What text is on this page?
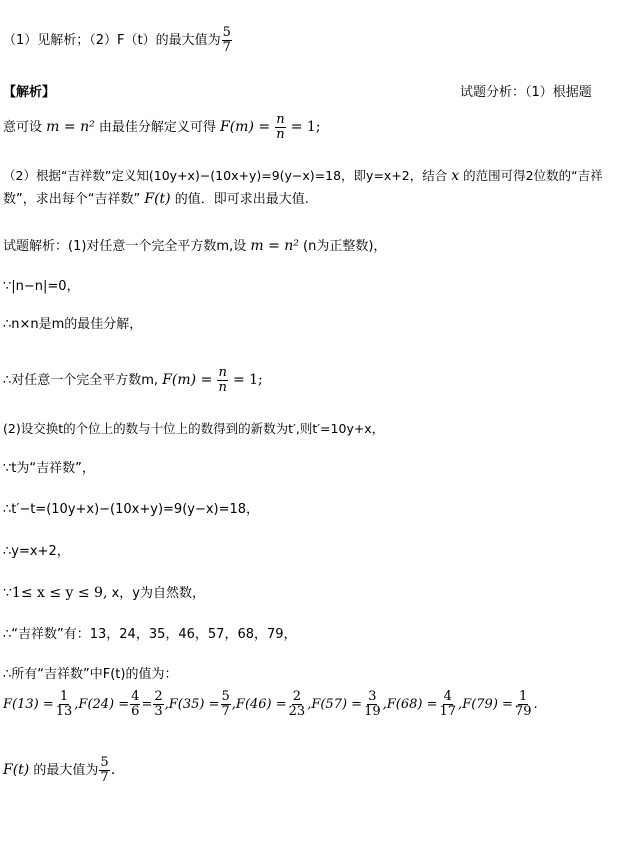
（1）见解析；（2）F（t）的最大值为 $\frac{5}{7}$
【解析】	试题分析：（1）根据题
意可设 m = n² 由最佳分解定义可得 $F(m) = \frac{n}{n} = 1$;
（2）根据“吉祥数”定义知(10y+x)−(10x+y)=9(y−x)=18，即y=x+2，结合 x 的范围可得2位数的“吉祥
数”，求出每个“吉祥数” F(t) 的值．即可求出最大值.
试题解析：(1)对任意一个完全平方数m,设 m = n² (n为正整数)，
∵|n−n|=0，
∴n×n是m的最佳分解，
∴对任意一个完全平方数m, $F(m) = \frac{n}{n} = 1$;
(2)设交换t的个位上的数与十位上的数得到的新数为t′,则t′=10y+x，
∵t为“吉祥数”，
∴t′−t=(10y+x)−(10x+y)=9(y−x)=18，
∴y=x+2，
∵1≤ x ≤ y ≤ 9, x，y为自然数，
∴“吉祥数”有：13，24，35，46，57，68，79，
∴所有“吉祥数”中F(t)的值为：
$F(13) = \frac{1}{13} ,F(24) = \frac{4}{6} = \frac{2}{3} ,F(35) = \frac{5}{7} ,F(46) = \frac{2}{23} ,F(57) = \frac{3}{19} ,F(68) = \frac{4}{17} ,F(79) = \frac{1}{79}$ .
F(t) 的最大值为 $\frac{5}{7}$ .
